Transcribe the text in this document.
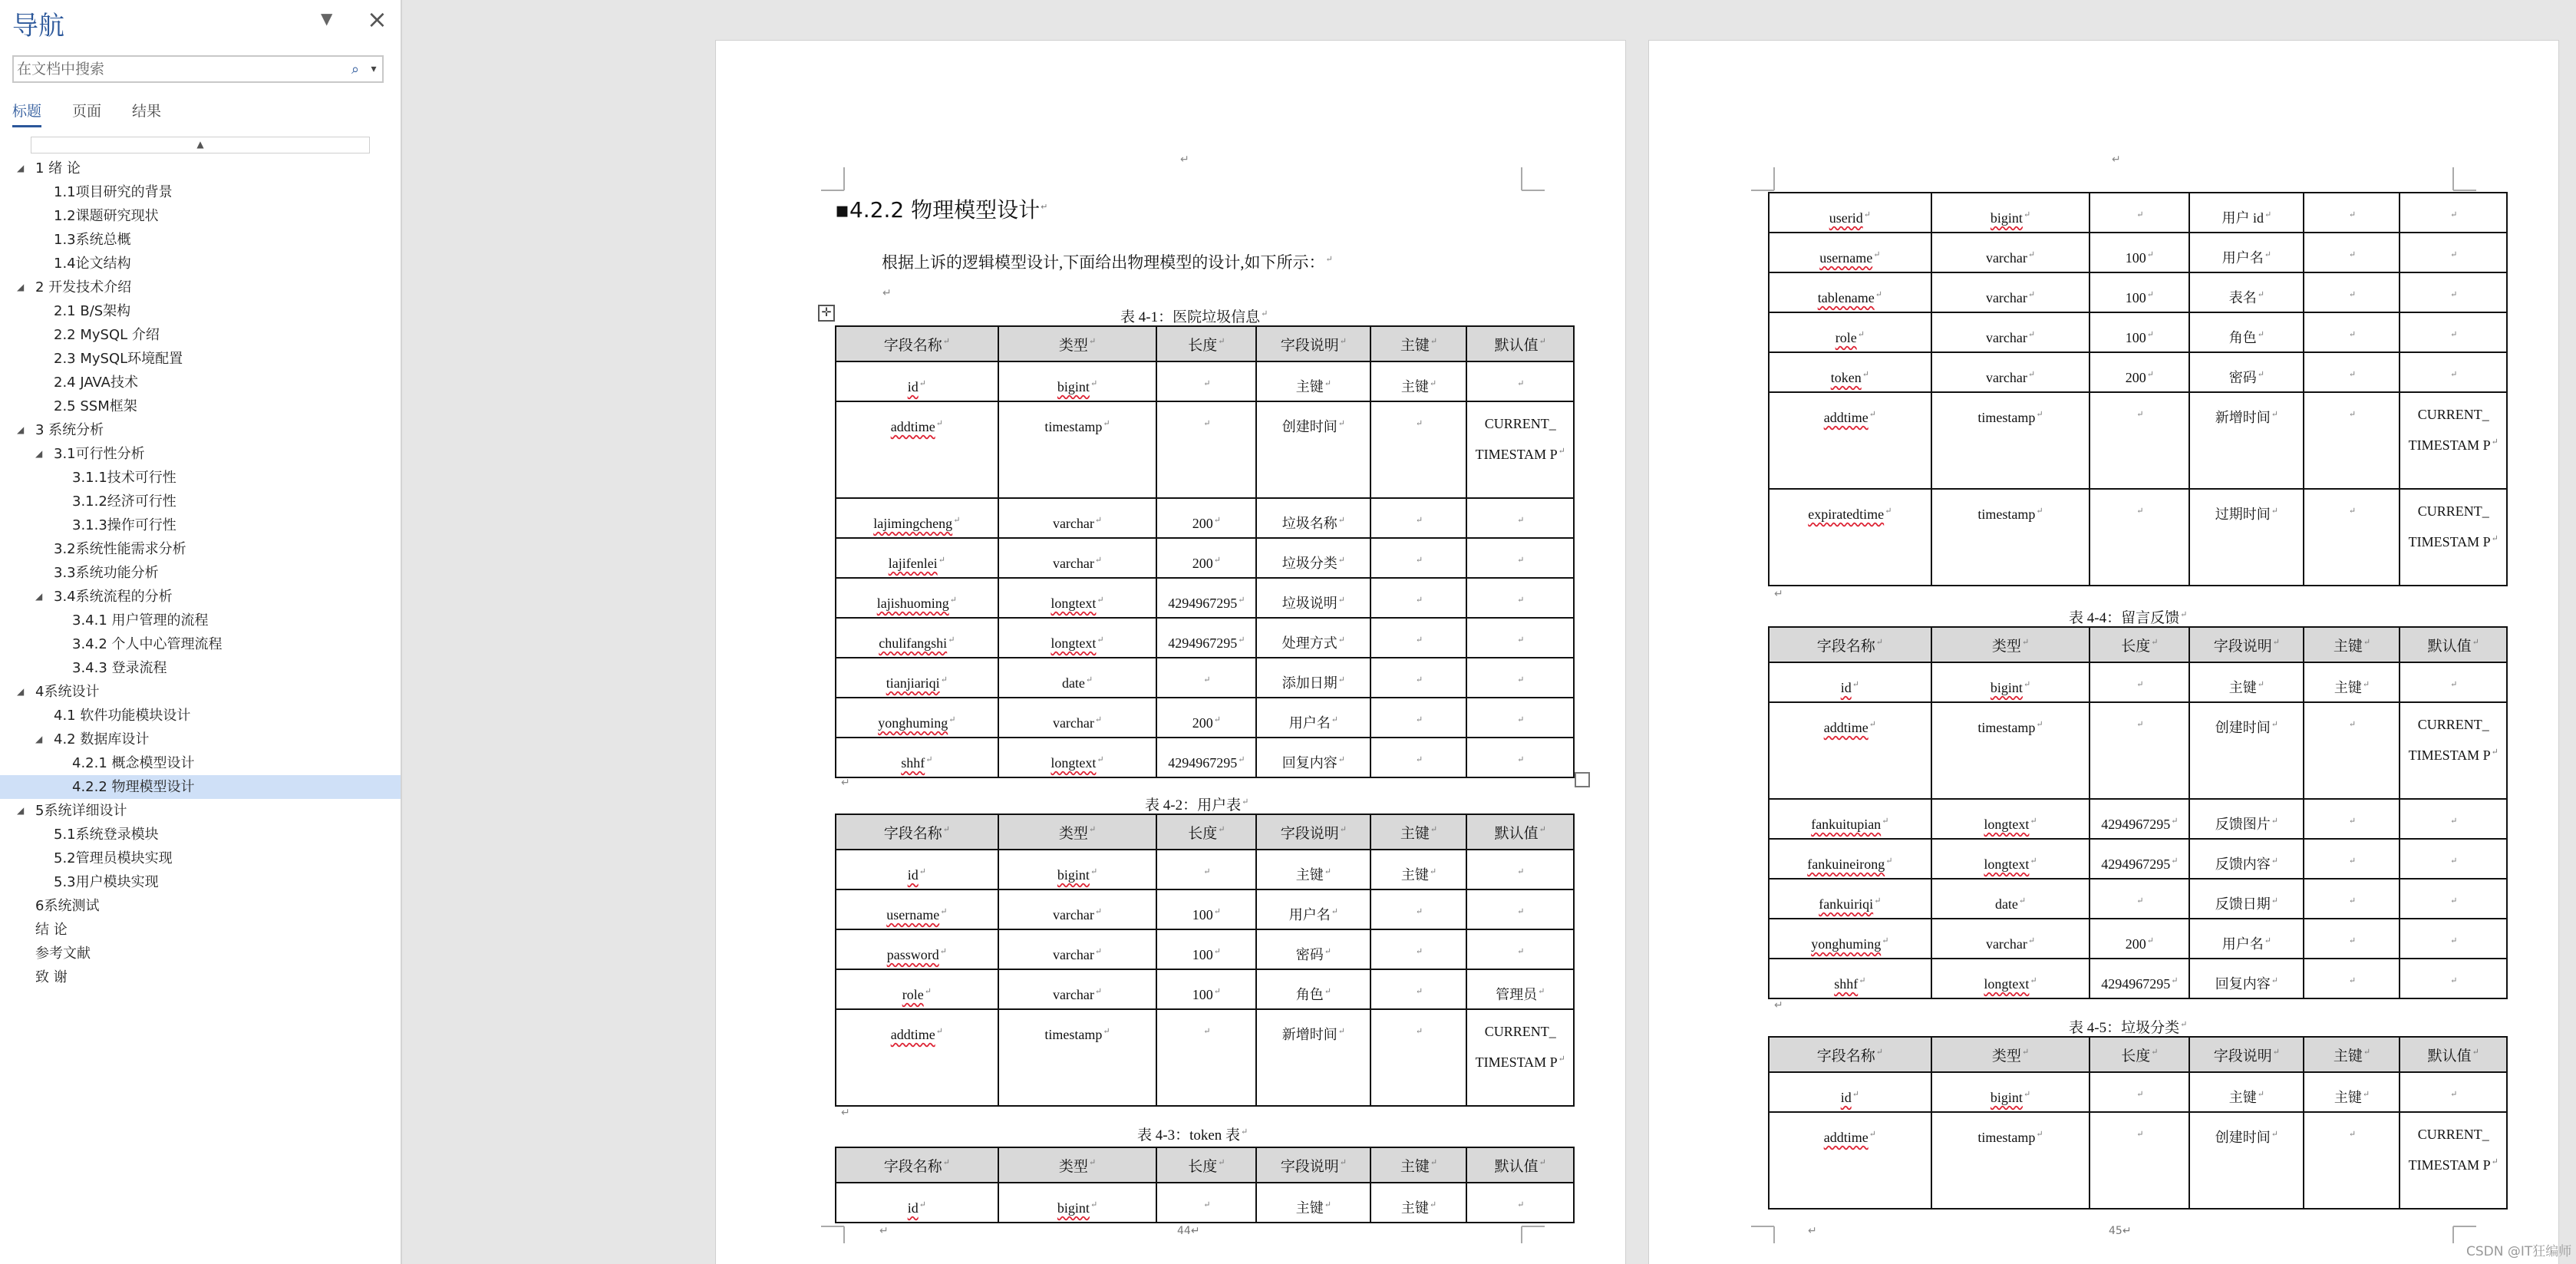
导航	▼ ×
在文档中搜索
⌕	▾
标题 页面 结果
▲
◢ 1 绪 论
1.1项目研究的背景
1.2课题研究现状
1.3系统总概
1.4论文结构
◢ 2 开发技术介绍
2.1 B/S架构
2.2 MySQL 介绍
2.3 MySQL环境配置
2.4 JAVA技术
2.5 SSM框架
◢ 3 系统分析
◢ 3.1可行性分析
3.1.1技术可行性
3.1.2经济可行性
3.1.3操作可行性
3.2系统性能需求分析
3.3系统功能分析
◢ 3.4系统流程的分析
3.4.1 用户管理的流程
3.4.2 个人中心管理流程
3.4.3 登录流程
◢ 4系统设计
4.1 软件功能模块设计
◢ 4.2 数据库设计
4.2.1 概念模型设计
4.2.2 物理模型设计
◢ 5系统详细设计
5.1系统登录模块
5.2管理员模块实现
5.3用户模块实现
6系统测试
结 论
参考文献
致 谢
↵	↵
▪4.2.2 物理模型设计↵
根据上诉的逻辑模型设计,下面给出物理模型的设计,如下所示：↵
↵
✛	表 4-1：医院垃圾信息↵
字段名称↵	类型↵	长度↵	字段说明↵	主键↵	默认值↵
id↵	bigint↵	↵	主键↵	主键↵	↵
addtime↵	timestamp↵	↵	创建时间↵	↵	CURRENT_ TIMESTAM P↵
lajimingcheng↵	varchar↵	200↵	垃圾名称↵	↵	↵
lajifenlei↵	varchar↵	200↵	垃圾分类↵	↵	↵
lajishuoming↵	longtext↵	4294967295↵	垃圾说明↵	↵	↵
chulifangshi↵	longtext↵	4294967295↵	处理方式↵	↵	↵
tianjiariqi↵	date↵	↵	添加日期↵	↵	↵
yonghuming↵	varchar↵	200↵	用户名↵	↵	↵
shhf↵	longtext↵	4294967295↵	回复内容↵	↵	↵
↵
表 4-2：用户表↵
字段名称↵	类型↵	长度↵	字段说明↵	主键↵	默认值↵
id↵	bigint↵	↵	主键↵	主键↵	↵
username↵	varchar↵	100↵	用户名↵	↵	↵
password↵	varchar↵	100↵	密码↵	↵	↵
role↵	varchar↵	100↵	角色↵	↵	管理员↵
addtime↵	timestamp↵	↵	新增时间↵	↵	CURRENT_ TIMESTAM P↵
↵
表 4-3：token 表↵
字段名称↵	类型↵	长度↵	字段说明↵	主键↵	默认值↵
id↵	bigint↵	↵	主键↵	主键↵	↵
↵	44↵
userid↵	bigint↵	↵	用户 id↵	↵	↵
username↵	varchar↵	100↵	用户名↵	↵	↵
tablename↵	varchar↵	100↵	表名↵	↵	↵
role↵	varchar↵	100↵	角色↵	↵	↵
token↵	varchar↵	200↵	密码↵	↵	↵
addtime↵	timestamp↵	↵	新增时间↵	↵	CURRENT_ TIMESTAM P↵
expiratedtime↵	timestamp↵	↵	过期时间↵	↵	CURRENT_ TIMESTAM P↵
↵
表 4-4：留言反馈↵
字段名称↵	类型↵	长度↵	字段说明↵	主键↵	默认值↵
id↵	bigint↵	↵	主键↵	主键↵	↵
addtime↵	timestamp↵	↵	创建时间↵	↵	CURRENT_ TIMESTAM P↵
fankuitupian↵	longtext↵	4294967295↵	反馈图片↵	↵	↵
fankuineirong↵	longtext↵	4294967295↵	反馈内容↵	↵	↵
fankuiriqi↵	date↵	↵	反馈日期↵	↵	↵
yonghuming↵	varchar↵	200↵	用户名↵	↵	↵
shhf↵	longtext↵	4294967295↵	回复内容↵	↵	↵
↵
表 4-5：垃圾分类↵
字段名称↵	类型↵	长度↵	字段说明↵	主键↵	默认值↵
id↵	bigint↵	↵	主键↵	主键↵	↵
addtime↵	timestamp↵	↵	创建时间↵	↵	CURRENT_ TIMESTAM P↵
↵	45↵
CSDN @IT狂编师
